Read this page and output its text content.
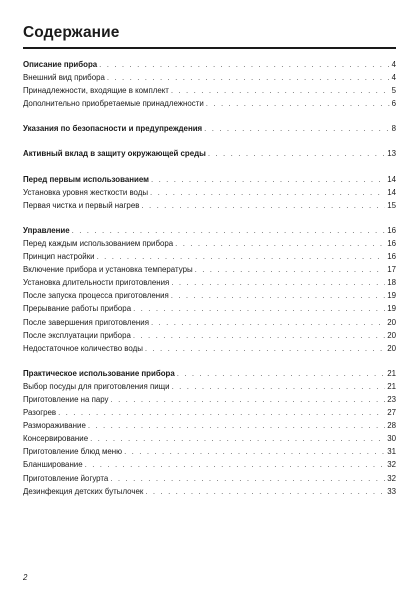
Содержание
Описание прибора . . .	4
Внешний вид прибора . . .	4
Принадлежности, входящие в комплект . . .	5
Дополнительно приобретаемые принадлежности . . .	6
Указания по безопасности и предупреждения . . .	8
Активный вклад в защиту окружающей среды . . .	13
Перед первым использованием . . .	14
Установка уровня жесткости воды . . .	14
Первая чистка и первый нагрев . . .	15
Управление . . .	16
Перед каждым использованием прибора . . .	16
Принцип настройки . . .	16
Включение прибора и установка температуры . . .	17
Установка длительности приготовления . . .	18
После запуска процесса приготовления . . .	19
Прерывание работы прибора . . .	19
После завершения приготовления . . .	20
После эксплуатации прибора . . .	20
Недостаточное количество воды . . .	20
Практическое использование прибора . . .	21
Выбор посуды для приготовления пищи . . .	21
Приготовление на пару . . .	23
Разогрев . . .	27
Размораживание . . .	28
Консервирование . . .	30
Приготовление блюд меню . . .	31
Бланширование . . .	32
Приготовление йогурта . . .	32
Дезинфекция детских бутылочек . . .	33
2
